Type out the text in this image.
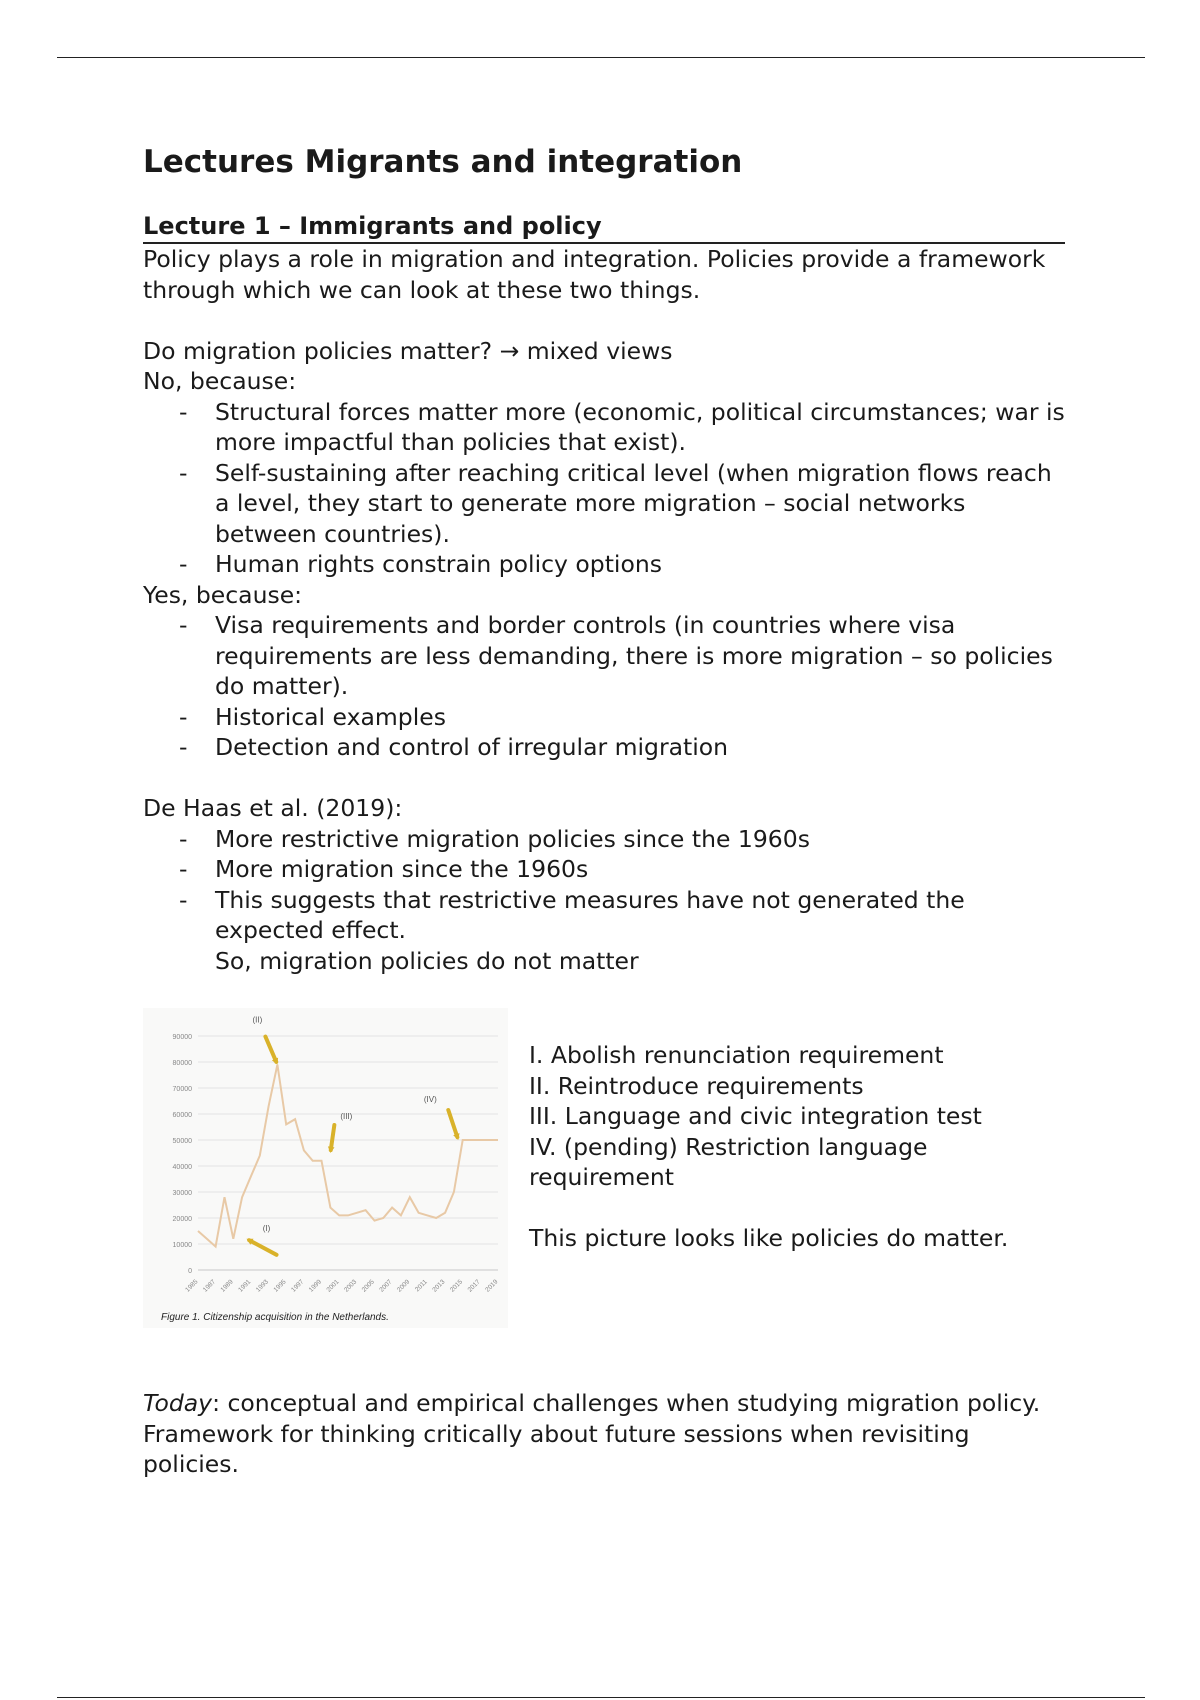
Lectures Migrants and integration
Lecture 1 – Immigrants and policy

Policy plays a role in migration and integration. Policies provide a framework through which we can look at these two things.

Do migration policies matter? → mixed views

No, because:

- Structural forces matter more (economic, political circumstances; war is more impactful than policies that exist).
- Self-sustaining after reaching critical level (when migration flows reach a level, they start to generate more migration – social networks between countries).
- Human rights constrain policy options

Yes, because:

- Visa requirements and border controls (in countries where visa requirements are less demanding, there is more migration – so policies do matter).
- Historical examples
- Detection and control of irregular migration

De Haas et al. (2019):

- More restrictive migration policies since the 1960s
- More migration since the 1960s
- This suggests that restrictive measures have not generated the expected effect.
So, migration policies do not matter
0
10000
20000
30000
40000
50000
60000
70000
80000
90000
1985 1987 1989 1991 1993 1995 1997 1999 2001 2003 2005 2007 2009 2011 2013 2015 2017 2019
(I)
(II)
(III)
(IV)
Figure 1. Citizenship acquisition in the Netherlands.

I. Abolish renunciation requirement

II. Reintroduce requirements

III. Language and civic integration test

IV. (pending) Restriction language requirement

This picture looks like policies do matter.

Today: conceptual and empirical challenges when studying migration policy.

Framework for thinking critically about future sessions when revisiting policies.
